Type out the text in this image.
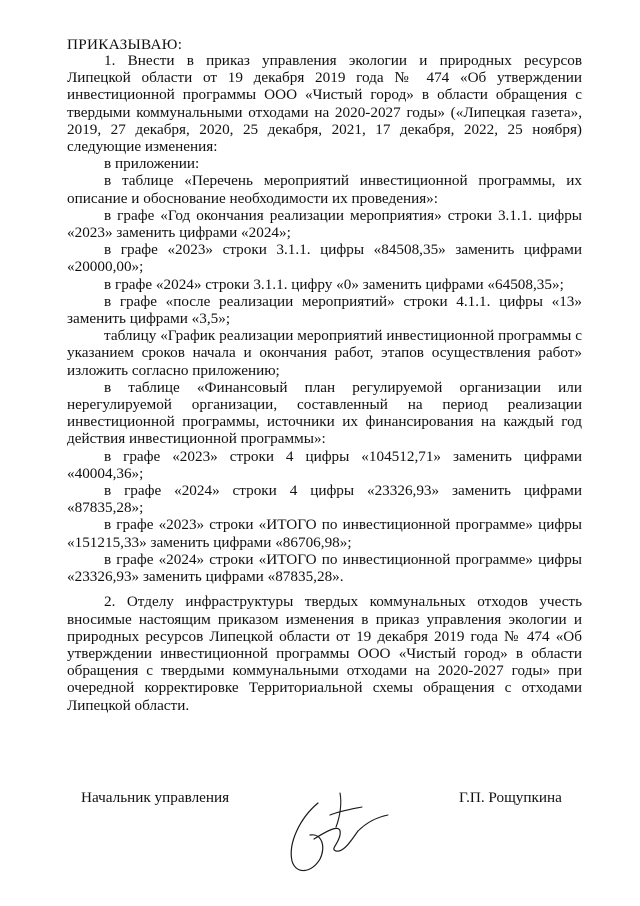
ПРИКАЗЫВАЮ:

1. Внести в приказ управления экологии и природных ресурсов Липецкой области от 19 декабря 2019 года № 474 «Об утверждении инвестиционной программы ООО «Чистый город» в области обращения с твердыми коммунальными отходами на 2020-2027 годы» («Липецкая газета», 2019, 27 декабря, 2020, 25 декабря, 2021, 17 декабря, 2022, 25 ноября) следующие изменения:

в приложении:

в таблице «Перечень мероприятий инвестиционной программы, их описание и обоснование необходимости их проведения»:

в графе «Год окончания реализации мероприятия» строки 3.1.1. цифры «2023» заменить цифрами «2024»;

в графе «2023» строки 3.1.1. цифры «84508,35» заменить цифрами «20000,00»;

в графе «2024» строки 3.1.1. цифру «0» заменить цифрами «64508,35»;

в графе «после реализации мероприятий» строки 4.1.1. цифры «13» заменить цифрами «3,5»;

таблицу «График реализации мероприятий инвестиционной программы с указанием сроков начала и окончания работ, этапов осуществления работ» изложить согласно приложению;

в таблице «Финансовый план регулируемой организации или нерегулируемой организации, составленный на период реализации инвестиционной программы, источники их финансирования на каждый год действия инвестиционной программы»:

в графе «2023» строки 4 цифры «104512,71» заменить цифрами «40004,36»;

в графе «2024» строки 4 цифры «23326,93» заменить цифрами «87835,28»;

в графе «2023» строки «ИТОГО по инвестиционной программе» цифры «151215,33» заменить цифрами «86706,98»;

в графе «2024» строки «ИТОГО по инвестиционной программе» цифры «23326,93» заменить цифрами «87835,28».

2. Отделу инфраструктуры твердых коммунальных отходов учесть вносимые настоящим приказом изменения в приказ управления экологии и природных ресурсов Липецкой области от 19 декабря 2019 года № 474 «Об утверждении инвестиционной программы ООО «Чистый город» в области обращения с твердыми коммунальными отходами на 2020-2027 годы» при очередной корректировке Территориальной схемы обращения с отходами Липецкой области.

Начальник управления	Г.П. Рощупкина
